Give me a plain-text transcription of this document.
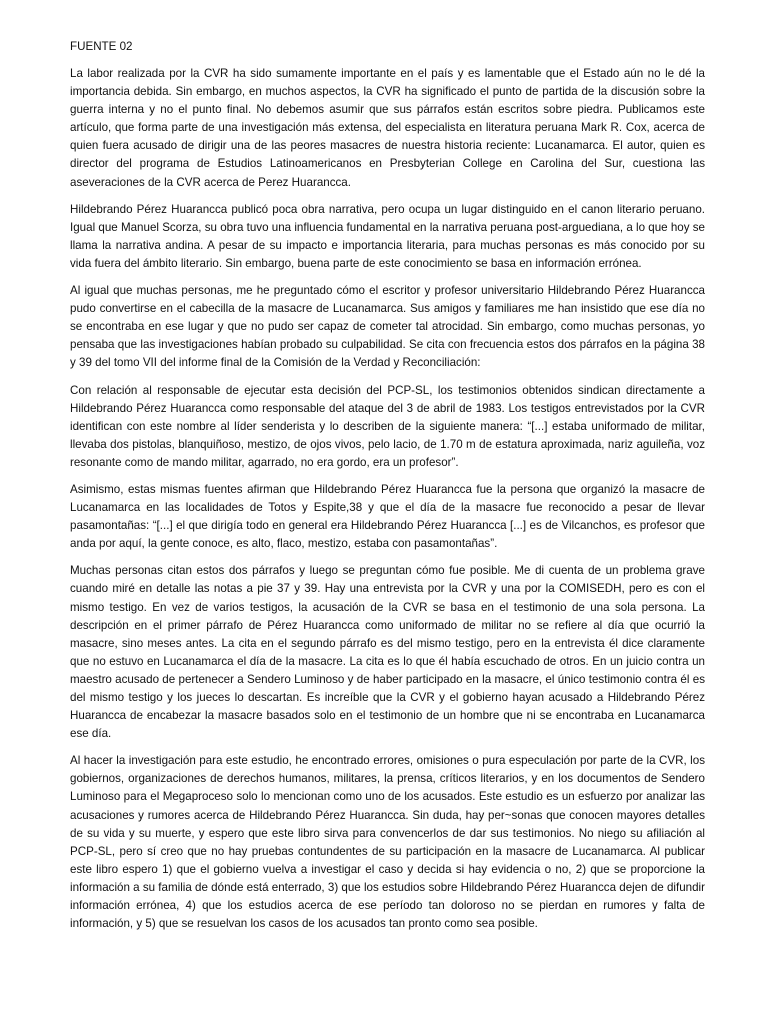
FUENTE 02

La labor realizada por la CVR ha sido sumamente importante en el país y es lamentable que el Estado aún no le dé la importancia debida. Sin embargo, en muchos aspectos, la CVR ha significado el punto de partida de la discusión sobre la guerra interna y no el punto final. No debemos asumir que sus párrafos están escritos sobre piedra. Publicamos este artículo, que forma parte de una investigación más extensa, del especialista en literatura peruana Mark R. Cox, acerca de quien fuera acusado de dirigir una de las peores masacres de nuestra historia reciente: Lucanamarca. El autor, quien es director del programa de Estudios Latinoamericanos en Presbyterian College en Carolina del Sur, cuestiona las aseveraciones de la CVR acerca de Perez Huarancca.

Hildebrando Pérez Huarancca publicó poca obra narrativa, pero ocupa un lugar distinguido en el canon literario peruano. Igual que Manuel Scorza, su obra tuvo una influencia fundamental en la narrativa peruana post-arguediana, a lo que hoy se llama la narrativa andina. A pesar de su impacto e importancia literaria, para muchas personas es más conocido por su vida fuera del ámbito literario. Sin embargo, buena parte de este conocimiento se basa en información errónea.

Al igual que muchas personas, me he preguntado cómo el escritor y profesor universitario Hildebrando Pérez Huarancca pudo convertirse en el cabecilla de la masacre de Lucanamarca. Sus amigos y familiares me han insistido que ese día no se encontraba en ese lugar y que no pudo ser capaz de cometer tal atrocidad. Sin embargo, como muchas personas, yo pensaba que las investigaciones habían probado su culpabilidad. Se cita con frecuencia estos dos párrafos en la página 38 y 39 del tomo VII del informe final de la Comisión de la Verdad y Reconciliación:

Con relación al responsable de ejecutar esta decisión del PCP-SL, los testimonios obtenidos sindican directamente a Hildebrando Pérez Huarancca como responsable del ataque del 3 de abril de 1983. Los testigos entrevistados por la CVR identifican con este nombre al líder senderista y lo describen de la siguiente manera: “[...] estaba uniformado de militar, llevaba dos pistolas, blanquiñoso, mestizo, de ojos vivos, pelo lacio, de 1.70 m de estatura aproximada, nariz aguileña, voz resonante como de mando militar, agarrado, no era gordo, era un profesor”.

Asimismo, estas mismas fuentes afirman que Hildebrando Pérez Huarancca fue la persona que organizó la masacre de Lucanamarca en las localidades de Totos y Espite,38 y que el día de la masacre fue reconocido a pesar de llevar pasamontañas: “[...] el que dirigía todo en general era Hildebrando Pérez Huarancca [...] es de Vilcanchos, es profesor que anda por aquí, la gente conoce, es alto, flaco, mestizo, estaba con pasamontañas”.

Muchas personas citan estos dos párrafos y luego se preguntan cómo fue posible. Me di cuenta de un problema grave cuando miré en detalle las notas a pie 37 y 39. Hay una entrevista por la CVR y una por la COMISEDH, pero es con el mismo testigo. En vez de varios testigos, la acusación de la CVR se basa en el testimonio de una sola persona. La descripción en el primer párrafo de Pérez Huarancca como uniformado de militar no se refiere al día que ocurrió la masacre, sino meses antes. La cita en el segundo párrafo es del mismo testigo, pero en la entrevista él dice claramente que no estuvo en Lucanamarca el día de la masacre. La cita es lo que él había escuchado de otros. En un juicio contra un maestro acusado de pertenecer a Sendero Luminoso y de haber participado en la masacre, el único testimonio contra él es del mismo testigo y los jueces lo descartan. Es increíble que la CVR y el gobierno hayan acusado a Hildebrando Pérez Huarancca de encabezar la masacre basados solo en el testimonio de un hombre que ni se encontraba en Lucanamarca ese día.

Al hacer la investigación para este estudio, he encontrado errores, omisiones o pura especulación por parte de la CVR, los gobiernos, organizaciones de derechos humanos, militares, la prensa, críticos literarios, y en los documentos de Sendero Luminoso para el Megaproceso solo lo mencionan como uno de los acusados. Este estudio es un esfuerzo por analizar las acusaciones y rumores acerca de Hildebrando Pérez Huarancca. Sin duda, hay per~sonas que conocen mayores detalles de su vida y su muerte, y espero que este libro sirva para convencerlos de dar sus testimonios. No niego su afiliación al PCP-SL, pero sí creo que no hay pruebas contundentes de su participación en la masacre de Lucanamarca. Al publicar este libro espero 1) que el gobierno vuelva a investigar el caso y decida si hay evidencia o no, 2) que se proporcione la información a su familia de dónde está enterrado, 3) que los estudios sobre Hildebrando Pérez Huarancca dejen de difundir información errónea, 4) que los estudios acerca de ese período tan doloroso no se pierdan en rumores y falta de información, y 5) que se resuelvan los casos de los acusados tan pronto como sea posible.
